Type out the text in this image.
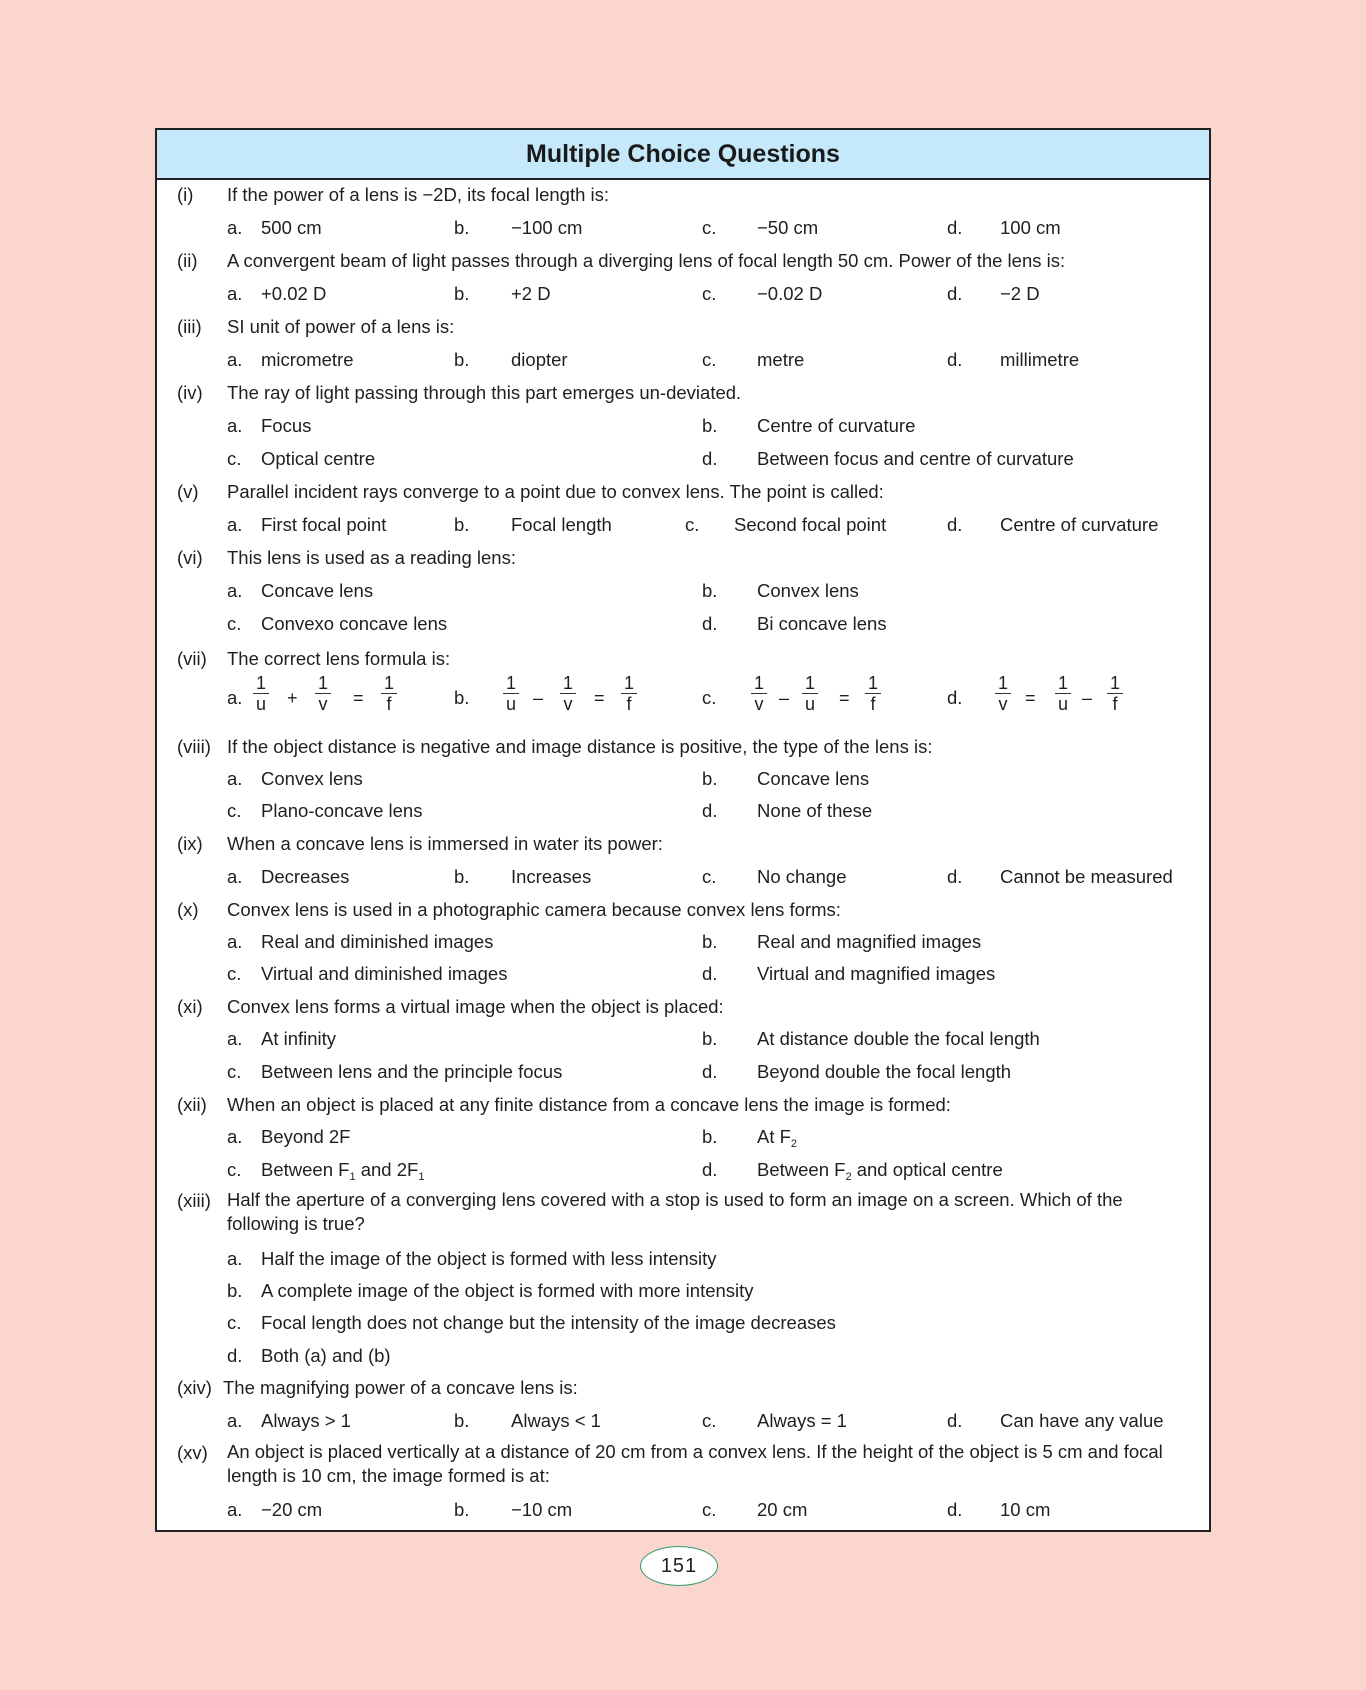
Multiple Choice Questions
(i) If the power of a lens is −2D, its focal length is:
a. 500 cm	b. −100 cm	c. −50 cm	d. 100 cm
(ii) A convergent beam of light passes through a diverging lens of focal length 50 cm. Power of the lens is:
a. +0.02 D	b. +2 D	c. −0.02 D	d. −2 D
(iii) SI unit of power of a lens is:
a. micrometre	b. diopter	c. metre	d. millimetre
(iv) The ray of light passing through this part emerges un-deviated.
a. Focus	b. Centre of curvature
c. Optical centre	d. Between focus and centre of curvature
(v) Parallel incident rays converge to a point due to convex lens. The point is called:
a. First focal point	b. Focal length	c. Second focal point	d. Centre of curvature
(vi) This lens is used as a reading lens:
a. Concave lens	b. Convex lens
c. Convexo concave lens	d. Bi concave lens
(vii) The correct lens formula is:
a. $\frac{1}{u} + \frac{1}{v} = \frac{1}{f}$	b. $\frac{1}{u} - \frac{1}{v} = \frac{1}{f}$	c. $\frac{1}{v} - \frac{1}{u} = \frac{1}{f}$	d. $\frac{1}{v} = \frac{1}{u} - \frac{1}{f}$
(viii) If the object distance is negative and image distance is positive, the type of the lens is:
a. Convex lens	b. Concave lens
c. Plano-concave lens	d. None of these
(ix) When a concave lens is immersed in water its power:
a. Decreases	b. Increases	c. No change	d. Cannot be measured
(x) Convex lens is used in a photographic camera because convex lens forms:
a. Real and diminished images	b. Real and magnified images
c. Virtual and diminished images	d. Virtual and magnified images
(xi) Convex lens forms a virtual image when the object is placed:
a. At infinity	b. At distance double the focal length
c. Between lens and the principle focus	d. Beyond double the focal length
(xii) When an object is placed at any finite distance from a concave lens the image is formed:
a. Beyond 2F	b. At $F_2$
c. Between $F_1$ and $2F_1$	d. Between $F_2$ and optical centre
(xiii) Half the aperture of a converging lens covered with a stop is used to form an image on a screen. Which of the following is true?
a. Half the image of the object is formed with less intensity
b. A complete image of the object is formed with more intensity
c. Focal length does not change but the intensity of the image decreases
d. Both (a) and (b)
(xiv) The magnifying power of a concave lens is:
a. Always > 1	b. Always < 1	c. Always = 1	d. Can have any value
(xv) An object is placed vertically at a distance of 20 cm from a convex lens. If the height of the object is 5 cm and focal length is 10 cm, the image formed is at:
a. −20 cm	b. −10 cm	c. 20 cm	d. 10 cm
151
